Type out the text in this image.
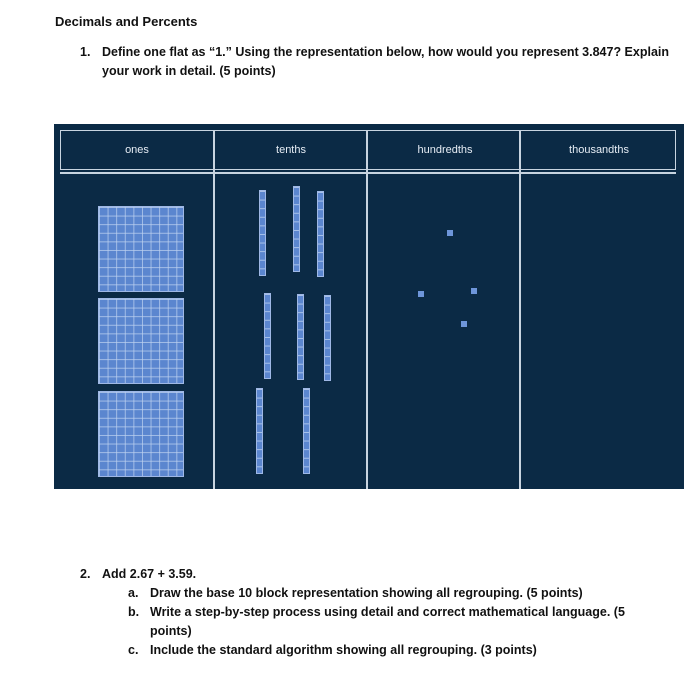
Decimals and Percents
1. Define one flat as “1.” Using the representation below, how would you represent 3.847? Explain your work in detail. (5 points)
ones	tenths	hundredths	thousandths
2. Add 2.67 + 3.59.
a. Draw the base 10 block representation showing all regrouping. (5 points)
b. Write a step-by-step process using detail and correct mathematical language. (5 points)
c. Include the standard algorithm showing all regrouping. (3 points)
